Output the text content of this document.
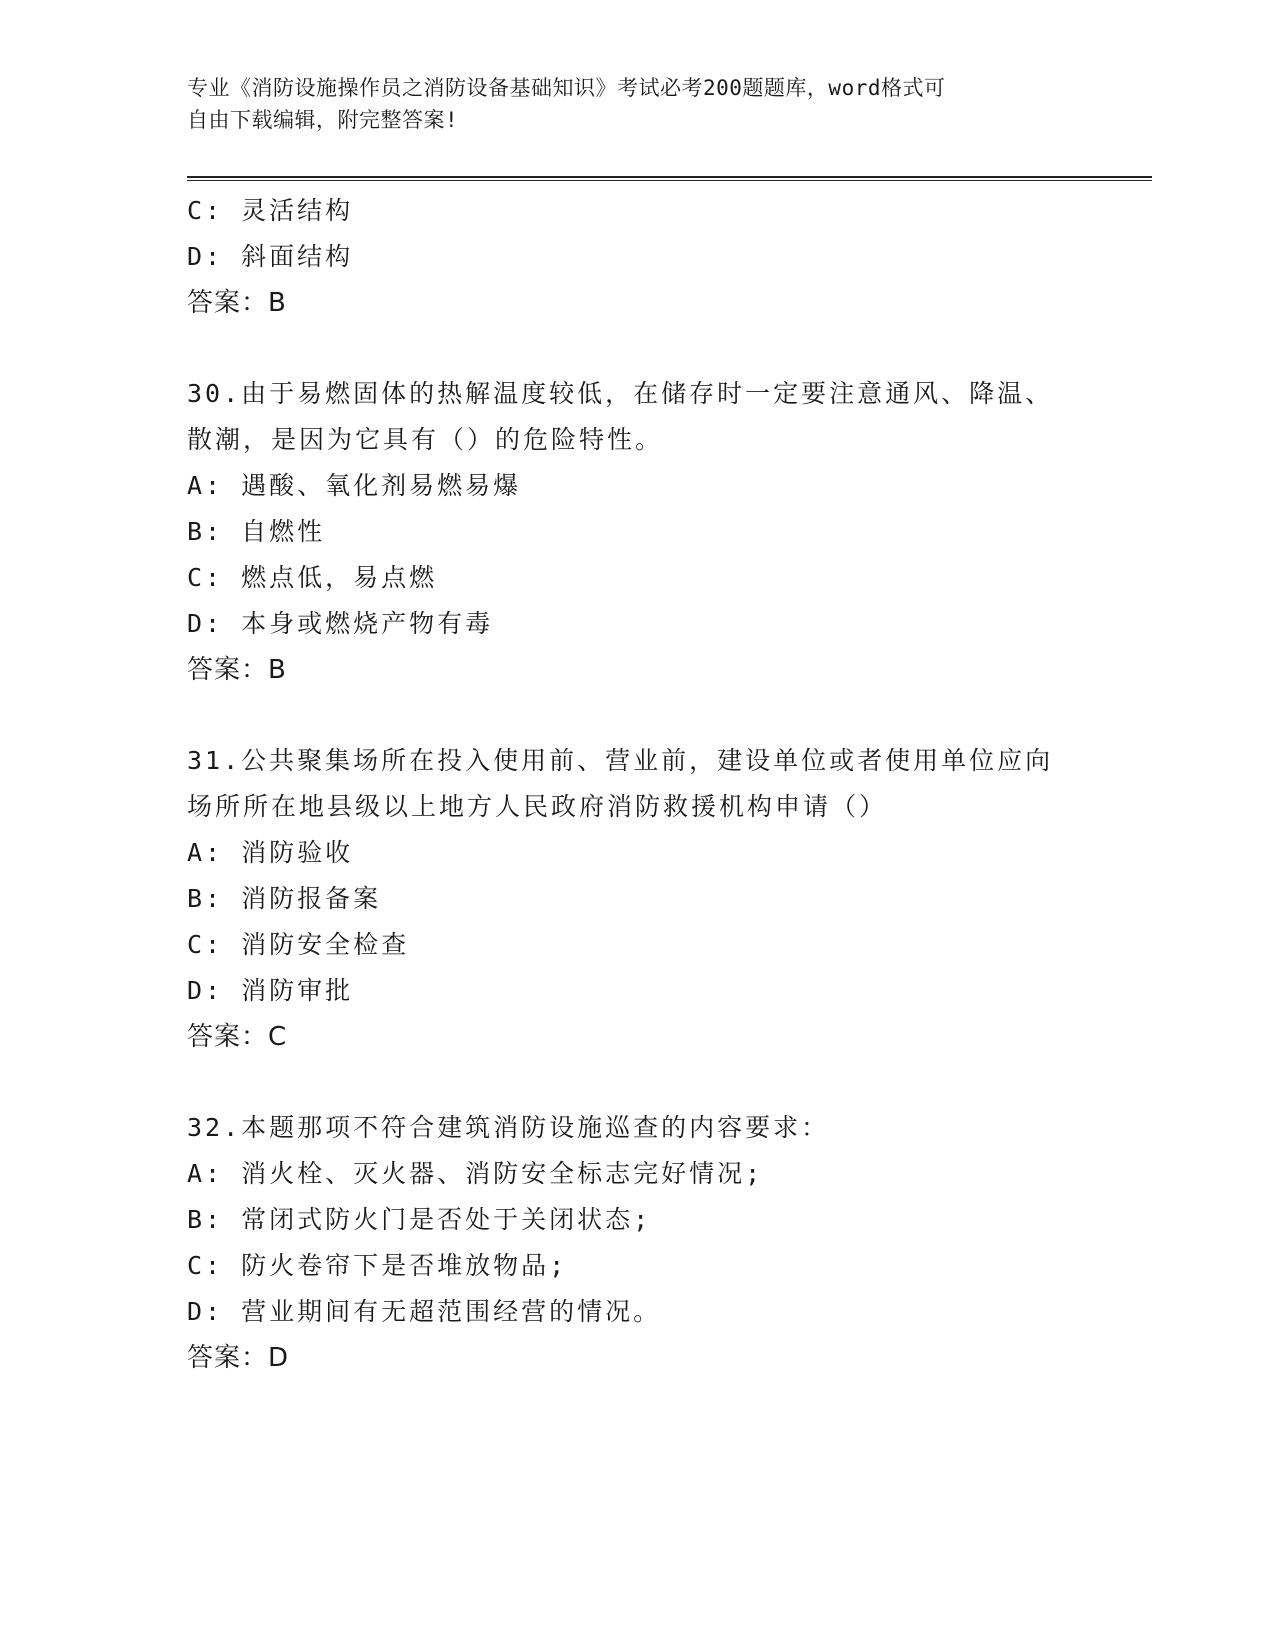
专业《消防设施操作员之消防设备基础知识》考试必考200题题库，word格式可
自由下载编辑，附完整答案!
C: 灵活结构
D: 斜面结构
答案：B
30.由于易燃固体的热解温度较低，在储存时一定要注意通风、降温、
散潮，是因为它具有（）的危险特性。
A: 遇酸、氧化剂易燃易爆
B: 自燃性
C: 燃点低，易点燃
D: 本身或燃烧产物有毒
答案：B
31.公共聚集场所在投入使用前、营业前，建设单位或者使用单位应向
场所所在地县级以上地方人民政府消防救援机构申请（）
A: 消防验收
B: 消防报备案
C: 消防安全检查
D: 消防审批
答案：C
32.本题那项不符合建筑消防设施巡查的内容要求：
A: 消火栓、灭火器、消防安全标志完好情况;
B: 常闭式防火门是否处于关闭状态;
C: 防火卷帘下是否堆放物品;
D: 营业期间有无超范围经营的情况。
答案：D
